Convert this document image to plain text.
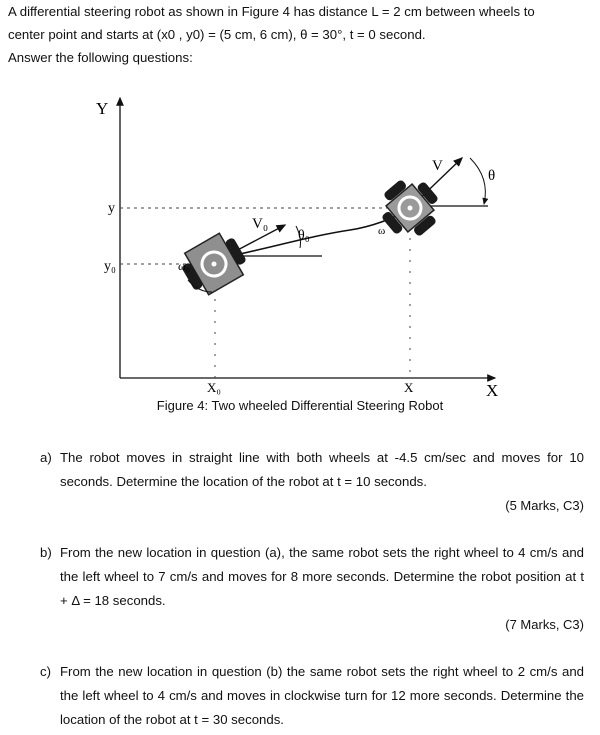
A differential steering robot as shown in Figure 4 has distance L = 2 cm between wheels to

center point and starts at (x0 , y0) = (5 cm, 6 cm), θ = 30°, t = 0 second.

Answer the following questions:

Y
X
y
y₀
X₀	X
V₀
θ₀
ω₀
V
θ
ω
Figure 4: Two wheeled Differential Steering Robot
a) The robot moves in straight line with both wheels at -4.5 cm/sec and moves for 10 seconds. Determine the location of the robot at t = 10 seconds.
(5 Marks, C3)
b) From the new location in question (a), the same robot sets the right wheel to 4 cm/s and the left wheel to 7 cm/s and moves for 8 more seconds. Determine the robot position at t + Δ = 18 seconds.
(7 Marks, C3)
c) From the new location in question (b) the same robot sets the right wheel to 2 cm/s and the left wheel to 4 cm/s and moves in clockwise turn for 12 more seconds. Determine the location of the robot at t = 30 seconds.
